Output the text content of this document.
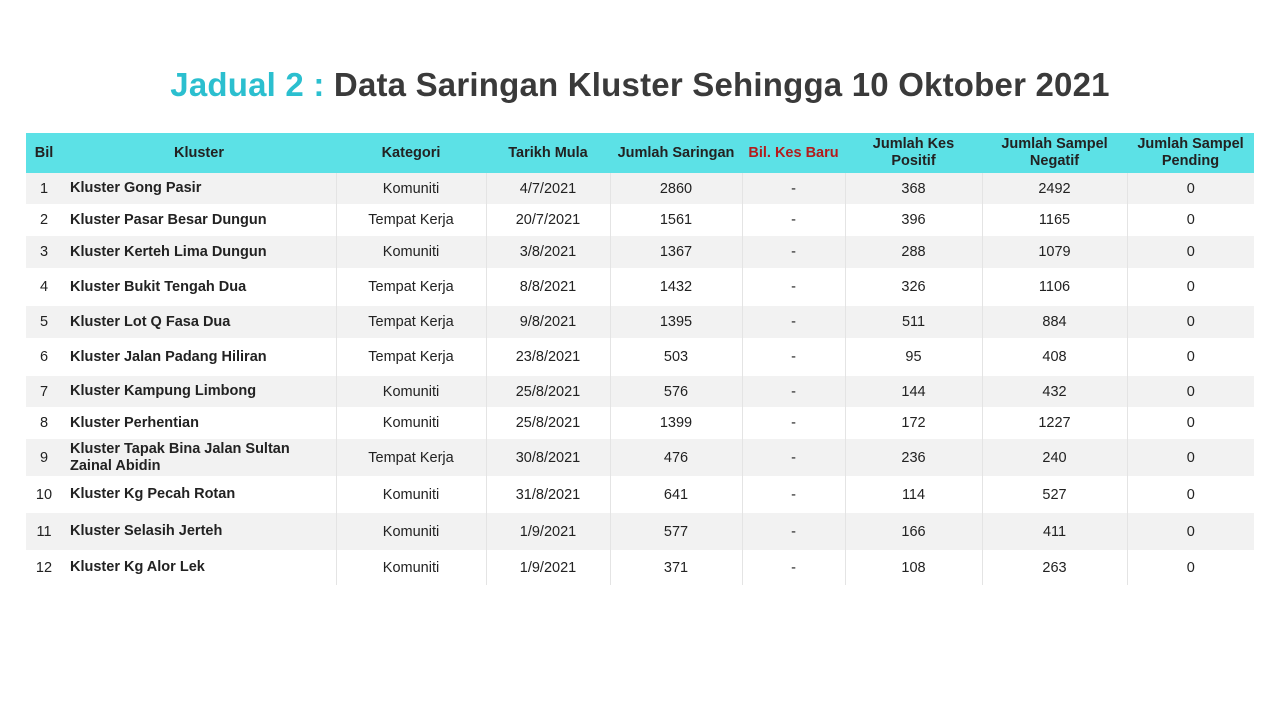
Jadual 2 : Data Saringan Kluster Sehingga 10 Oktober 2021
Bil	Kluster	Kategori	Tarikh Mula	Jumlah Saringan	Bil. Kes Baru	Jumlah Kes Positif	Jumlah Sampel Negatif	Jumlah Sampel Pending
1	Kluster Gong Pasir	Komuniti	4/7/2021	2860	-	368	2492	0
2	Kluster Pasar Besar Dungun	Tempat Kerja	20/7/2021	1561	-	396	1165	0
3	Kluster Kerteh Lima Dungun	Komuniti	3/8/2021	1367	-	288	1079	0
4	Kluster Bukit Tengah Dua	Tempat Kerja	8/8/2021	1432	-	326	1106	0
5	Kluster Lot Q Fasa Dua	Tempat Kerja	9/8/2021	1395	-	511	884	0
6	Kluster Jalan Padang Hiliran	Tempat Kerja	23/8/2021	503	-	95	408	0
7	Kluster Kampung Limbong	Komuniti	25/8/2021	576	-	144	432	0
8	Kluster Perhentian	Komuniti	25/8/2021	1399	-	172	1227	0
9	Kluster Tapak Bina Jalan Sultan Zainal Abidin	Tempat Kerja	30/8/2021	476	-	236	240	0
10	Kluster Kg Pecah Rotan	Komuniti	31/8/2021	641	-	114	527	0
11	Kluster Selasih Jerteh	Komuniti	1/9/2021	577	-	166	411	0
12	Kluster Kg Alor Lek	Komuniti	1/9/2021	371	-	108	263	0
